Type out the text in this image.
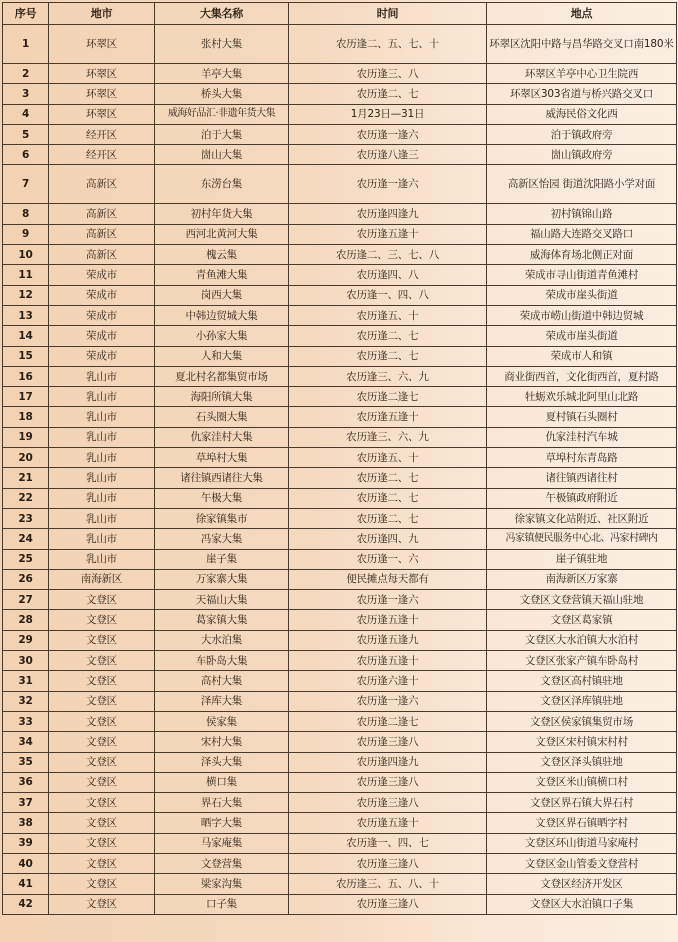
序号	地市	大集名称	时间	地点
1	环翠区	张村大集	农历逢二、五、七、十	环翠区沈阳中路与昌华路交叉口南180米
2	环翠区	羊亭大集	农历逢三、八	环翠区羊亭中心卫生院西
3	环翠区	桥头大集	农历逢二、七	环翠区303省道与桥兴路交叉口
4	环翠区	威海好品汇·非遗年货大集	1月23日—31日	威海民俗文化⻄
5	经开区	泊于大集	农历逢一逢六	泊于镇政府旁
6	经开区	崮山大集	农历逢八逢三	崮山镇政府旁
7	高新区	东涝台集	农历逢一逢六	高新区怡园 街道沈阳路小学对面
8	高新区	初村年货大集	农历逢四逢九	初村镇锦山路
9	高新区	西河北黄河大集	农历逢五逢十	福山路大连路交叉路口
10	高新区	槐云集	农历逢二、三、七、八	威海体育场北侧正对面
11	荣成市	青鱼滩大集	农历逢四、八	荣成市寻山街道青鱼滩村
12	荣成市	岗西大集	农历逢一、四、八	荣成市崖头街道
13	荣成市	中韩边贸城大集	农历逢五、十	荣成市崂山街道中韩边贸城
14	荣成市	小孙家大集	农历逢二、七	荣成市崖头街道
15	荣成市	人和大集	农历逢二、七	荣成市人和镇
16	乳山市	夏北村名都集贸市场	农历逢三、六、九	商业街西首，文化街西首，夏村路
17	乳山市	海阳所镇大集	农历逢二逢七	牡蛎欢乐城北阿里山北路
18	乳山市	石头圈大集	农历逢五逢十	夏村镇石头圈村
19	乳山市	仇家洼村大集	农历逢三、六、九	仇家洼村汽车城
20	乳山市	草埠村大集	农历逢五、十	草埠村东青岛路
21	乳山市	诸往镇西诸往大集	农历逢二、七	诸往镇西诸往村
22	乳山市	午极大集	农历逢二、七	午极镇政府附近
23	乳山市	徐家镇集市	农历逢二、七	徐家镇文化站附近、社区附近
24	乳山市	冯家大集	农历逢四、九	冯家镇便民服务中心北、冯家村碑内
25	乳山市	崖子集	农历逢一、六	崖子镇驻地
26	南海新区	万家寨大集	便民摊点每天都有	南海新区万家寨
27	文登区	天福山大集	农历逢一逢六	文登区文登营镇天福山驻地
28	文登区	葛家镇大集	农历逢五逢十	文登区葛家镇
29	文登区	大水泊集	农历逢五逢九	文登区大水泊镇大水泊村
30	文登区	车卧岛大集	农历逢五逢十	文登区张家产镇车卧岛村
31	文登区	高村大集	农历逢六逢十	文登区高村镇驻地
32	文登区	泽库大集	农历逢一逢六	文登区泽库镇驻地
33	文登区	侯家集	农历逢二逢七	文登区侯家镇集贸市场
34	文登区	宋村大集	农历逢三逢八	文登区宋村镇宋村村
35	文登区	泽头大集	农历逢四逢九	文登区泽头镇驻地
36	文登区	横口集	农历逢三逢八	文登区米山镇横口村
37	文登区	界石大集	农历逢三逢八	文登区界石镇大界石村
38	文登区	晒字大集	农历逢五逢十	文登区界石镇晒字村
39	文登区	马家庵集	农历逢一、四、七	文登区环山街道马家庵村
40	文登区	文登营集	农历逢三逢八	文登区金山管委文登营村
41	文登区	梁家沟集	农历逢三、五、八、十	文登区经济开发区
42	文登区	口子集	农历逢三逢八	文登区大水泊镇口子集
